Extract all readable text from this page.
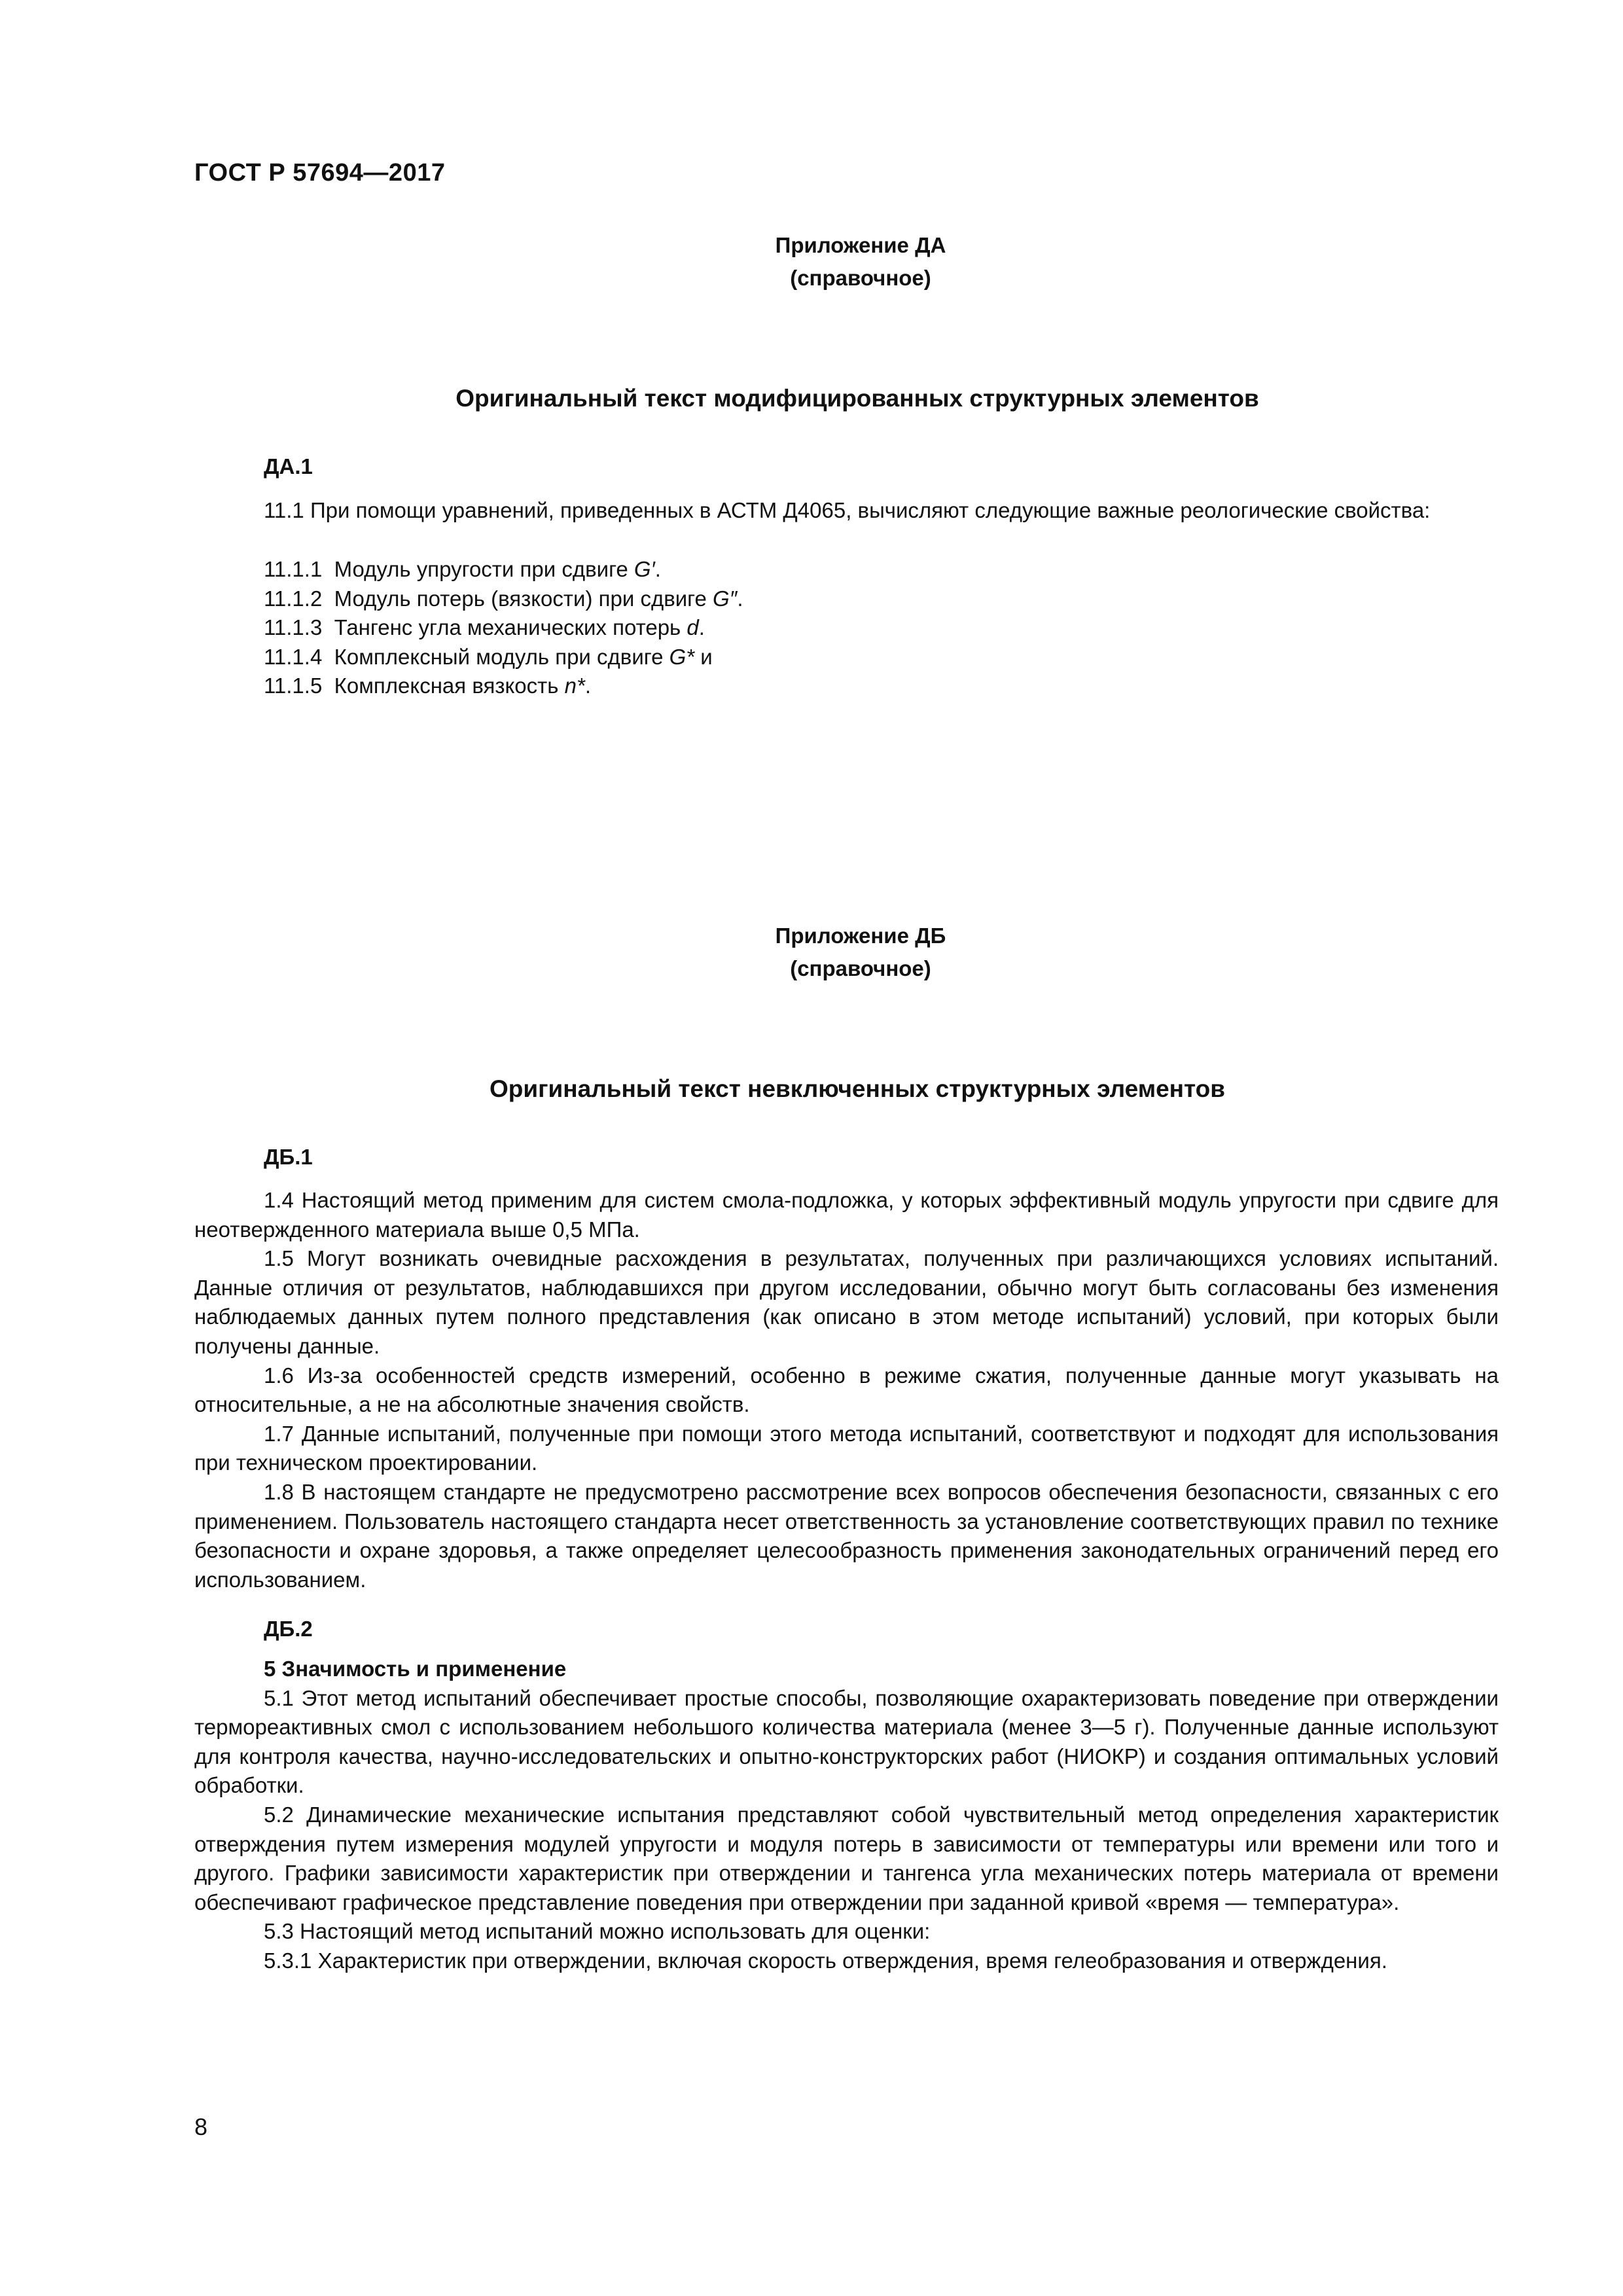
ГОСТ Р 57694—2017
Приложение ДА
(справочное)
Оригинальный текст модифицированных структурных элементов
ДА.1

11.1 При помощи уравнений, приведенных в АСТМ Д4065, вычисляют следующие важные реологические свойства:

11.1.1 Модуль упругости при сдвиге G′.
11.1.2 Модуль потерь (вязкости) при сдвиге G″.
11.1.3 Тангенс угла механических потерь d.
11.1.4 Комплексный модуль при сдвиге G* и
11.1.5 Комплексная вязкость n*.
Приложение ДБ
(справочное)
Оригинальный текст невключенных структурных элементов
ДБ.1

1.4 Настоящий метод применим для систем смола-подложка, у которых эффективный модуль упругости при сдвиге для неотвержденного материала выше 0,5 МПа.

1.5 Могут возникать очевидные расхождения в результатах, полученных при различающихся условиях испытаний. Данные отличия от результатов, наблюдавшихся при другом исследовании, обычно могут быть согласованы без изменения наблюдаемых данных путем полного представления (как описано в этом методе испытаний) условий, при которых были получены данные.

1.6 Из-за особенностей средств измерений, особенно в режиме сжатия, полученные данные могут указывать на относительные, а не на абсолютные значения свойств.

1.7 Данные испытаний, полученные при помощи этого метода испытаний, соответствуют и подходят для использования при техническом проектировании.

1.8 В настоящем стандарте не предусмотрено рассмотрение всех вопросов обеспечения безопасности, связанных с его применением. Пользователь настоящего стандарта несет ответственность за установление соответствующих правил по технике безопасности и охране здоровья, а также определяет целесообразность применения законодательных ограничений перед его использованием.

ДБ.2

5 Значимость и применение

5.1 Этот метод испытаний обеспечивает простые способы, позволяющие охарактеризовать поведение при отверждении термореактивных смол с использованием небольшого количества материала (менее 3—5 г). Полученные данные используют для контроля качества, научно-исследовательских и опытно-конструкторских работ (НИОКР) и создания оптимальных условий обработки.

5.2 Динамические механические испытания представляют собой чувствительный метод определения характеристик отверждения путем измерения модулей упругости и модуля потерь в зависимости от температуры или времени или того и другого. Графики зависимости характеристик при отверждении и тангенса угла механических потерь материала от времени обеспечивают графическое представление поведения при отверждении при заданной кривой «время — температура».

5.3 Настоящий метод испытаний можно использовать для оценки:

5.3.1 Характеристик при отверждении, включая скорость отверждения, время гелеобразования и отверждения.

8
